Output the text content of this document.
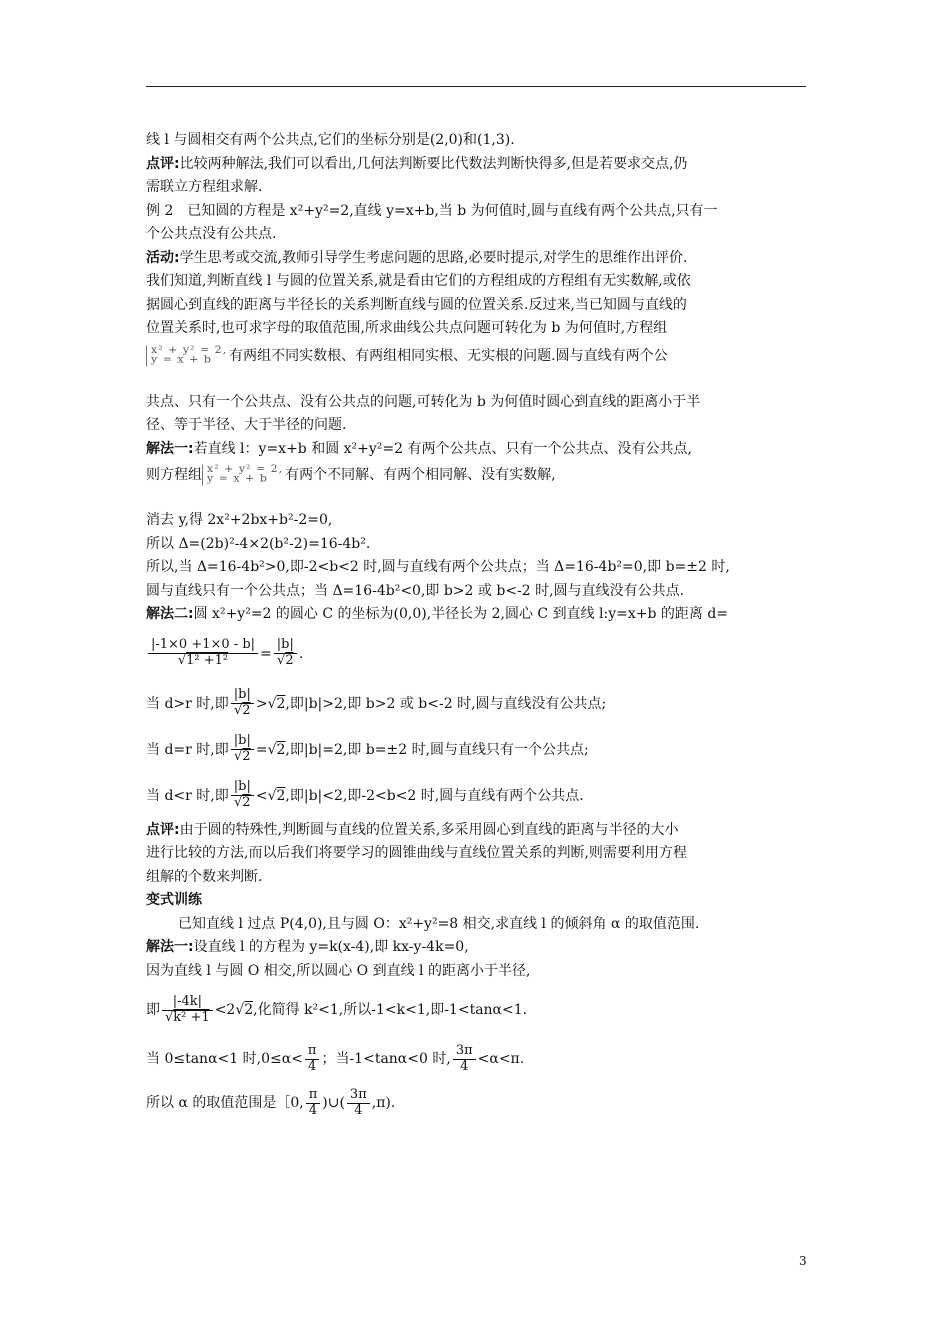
线 l 与圆相交有两个公共点,它们的坐标分别是(2,0)和(1,3).
点评:比较两种解法,我们可以看出,几何法判断要比代数法判断快得多,但是若要求交点,仍
需联立方程组求解.
例 2　已知圆的方程是 x²+y²=2,直线 y=x+b,当 b 为何值时,圆与直线有两个公共点,只有一
个公共点没有公共点.
活动:学生思考或交流,教师引导学生考虑问题的思路,必要时提示,对学生的思维作出评价.
我们知道,判断直线 l 与圆的位置关系,就是看由它们的方程组成的方程组有无实数解,或依
据圆心到直线的距离与半径长的关系判断直线与圆的位置关系.反过来,当已知圆与直线的
位置关系时,也可求字母的取值范围,所求曲线公共点问题可转化为 b 为何值时,方程组
x² + y² = 2,
y = x + b	有两组不同实数根、有两组相同实根、无实根的问题.圆与直线有两个公
共点、只有一个公共点、没有公共点的问题,可转化为 b 为何值时圆心到直线的距离小于半
径、等于半径、大于半径的问题.
解法一:若直线 l：y=x+b 和圆 x²+y²=2 有两个公共点、只有一个公共点、没有公共点,
则方程组 x² + y² = 2,
y = x + b	有两个不同解、有两个相同解、没有实数解,
消去 y,得 2x²+2bx+b²-2=0,
所以 Δ=(2b)²-4×2(b²-2)=16-4b².
所以,当 Δ=16-4b²>0,即-2<b<2 时,圆与直线有两个公共点；当 Δ=16-4b²=0,即 b=±2 时,
圆与直线只有一个公共点；当 Δ=16-4b²<0,即 b>2 或 b<-2 时,圆与直线没有公共点.
解法二:圆 x²+y²=2 的圆心 C 的坐标为(0,0),半径长为 2,圆心 C 到直线 l:y=x+b 的距离 d=
|-1×0 +1×0 - b|
√ 1² +1² = |b|
√ 2 .
当 d>r 时,即 |b|
√ 2 > √ 2,即|b|>2,即 b>2 或 b<-2 时,圆与直线没有公共点;
当 d=r 时,即 |b|
√ 2 = √ 2,即|b|=2,即 b=±2 时,圆与直线只有一个公共点;
当 d<r 时,即 |b|
√ 2 < √ 2,即|b|<2,即-2<b<2 时,圆与直线有两个公共点.
点评:由于圆的特殊性,判断圆与直线的位置关系,多采用圆心到直线的距离与半径的大小
进行比较的方法,而以后我们将要学习的圆锥曲线与直线位置关系的判断,则需要利用方程
组解的个数来判断.
变式训练
已知直线 l 过点 P(4,0),且与圆 O：x²+y²=8 相交,求直线 l 的倾斜角 α 的取值范围.
解法一:设直线 l 的方程为 y=k(x-4),即 kx-y-4k=0,
因为直线 l 与圆 O 相交,所以圆心 O 到直线 l 的距离小于半径,
即 |-4k|
√ k² +1 <2 √ 2,化简得 k²<1,所以-1<k<1,即-1<tanα<1.
当 0≤tanα<1 时$,0\le\alpha< \frac{\pi}{4}$ ；当-1<tanα<0 时, $\frac{3\pi}{4} <\alpha<\pi$.
所以 α 的取值范围是［0, $\frac{\pi}{4}$ )∪( $\frac{3\pi}{4} ,\pi$).
3
